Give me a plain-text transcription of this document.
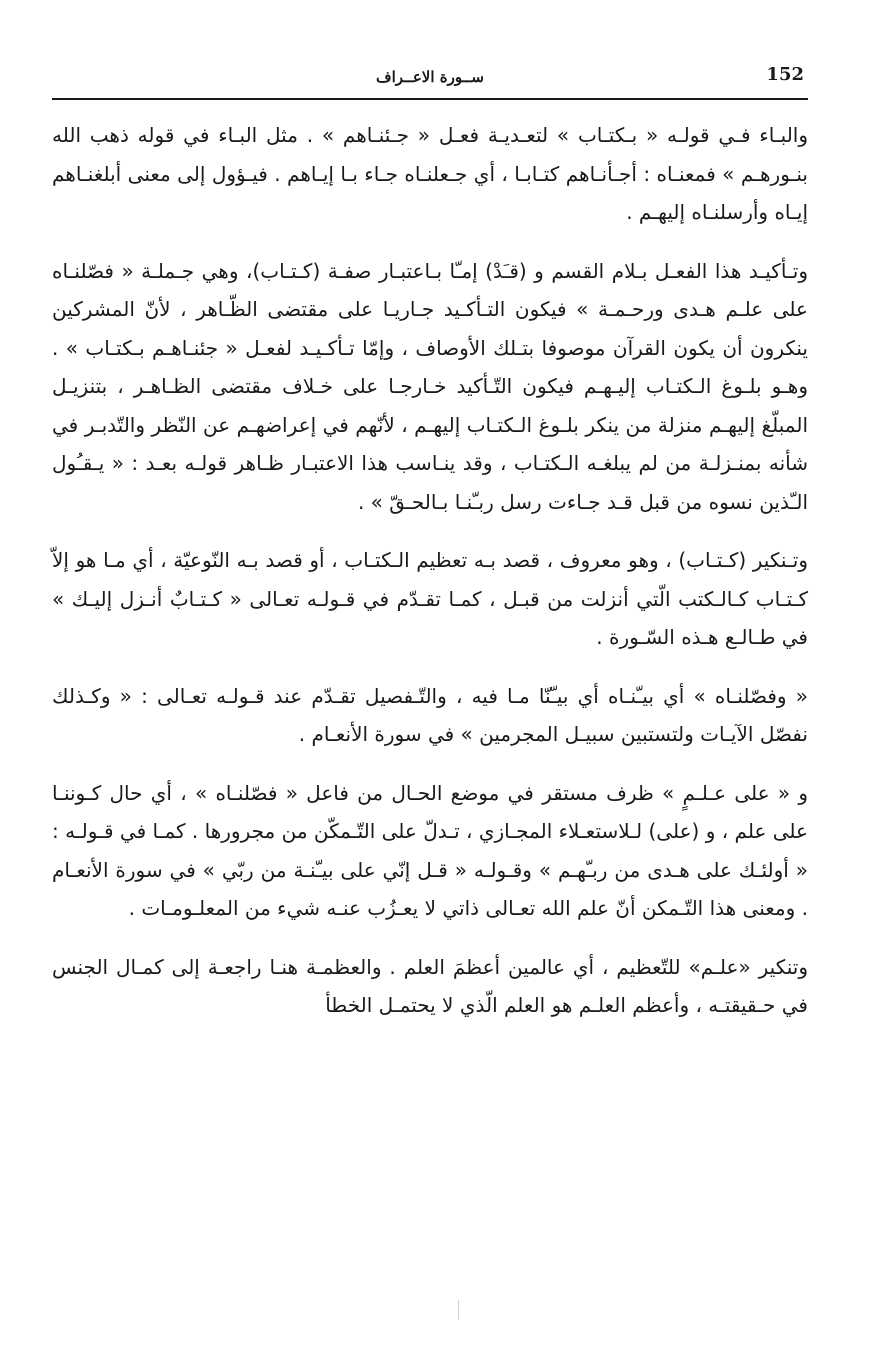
152
ســورة الاعــراف

والبـاء فـي قولـه « بـكتـاب » لتعـديـة فعـل « جـئنـاهم » . مثل البـاء في قوله ذهب الله بنـورهـم » فمعنـاه : أجـأنـاهم كتـابـا ، أي جـعلنـاه جـاء بـا إيـاهم . فيـؤول إلى معنى أبلغنـاهم إيـاه وأرسلنـاه إليهـم .

وتـأكيـد هذا الفعـل بـلام القسم و (قـَدْ) إمـّا بـاعتبـار صفـة (كـتـاب)، وهي جـملـة « فصّلنـاه على علـم هـدى ورحـمـة » فيكون التـأكـيد جـاريـا على مقتضى الظّـاهر ، لأنّ المشركين ينكرون أن يكون القرآن موصوفا بتـلك الأوصاف ، وإمّا تـأكـيـد لفعـل « جئنـاهـم بـكتـاب » . وهـو بلـوغ الـكتـاب إليـهـم فيكون التّـأكيد خـارجـا على خـلاف مقتضى الظـاهـر ، بتنزيـل المبلّغ إليهـم منزلة من ينكر بلـوغ الـكتـاب إليهـم ، لأنّهم في إعراضهـم عن النّظر والتّدبـر في شأنه بمنـزلـة من لم يبلغـه الـكتـاب ، وقد ينـاسب هذا الاعتبـار ظـاهر قولـه بعـد : « يـقـُول الـّذين نسوه من قبل قـد جـاءت رسل ربـّنـا بـالحـقّ » .

وتـنكير (كـتـاب) ، وهو معروف ، قصد بـه تعظيم الـكتـاب ، أو قصد بـه النّوعيّة ، أي مـا هو إلاّ كـتـاب كـالـكتب الّتي أنزلت من قبـل ، كمـا تقـدّم في قـولـه تعـالى « كـتـابٌ أنـزل إليـك » في طـالـع هـذه السّـورة .

« وفصّلنـاه » أي بيـّنـاه أي بيـّنّا مـا فيه ، والتّـفصيل تقـدّم عند قـولـه تعـالى : « وكـذلك نفصّل الآيـات ولتستبين سبيـل المجرمين » في سورة الأنعـام .

و « على عـلـمٍ » ظرف مستقر في موضع الحـال من فاعل « فصّلنـاه » ، أي حال كـوننـا على علم ، و (على) لـلاستعـلاء المجـازي ، تـدلّ على التّـمكّن من مجرورها . كمـا في قـولـه : « أولئـك على هـدى من ربـّهـم » وقـولـه « قـل إنّي على بيـّنـة من ربّي » في سورة الأنعـام . ومعنى هذا التّـمكن أنّ علم الله تعـالى ذاتي لا يعـزُب عنـه شيء من المعلـومـات .

وتنكير «علـم» للتّعظيم ، أي عالمين أعظمَ العلم . والعظمـة هنـا راجعـة إلى كمـال الجنس في حـقيقتـه ، وأعظم العلـم هو العلم الّذي لا يحتمـل الخطأ
